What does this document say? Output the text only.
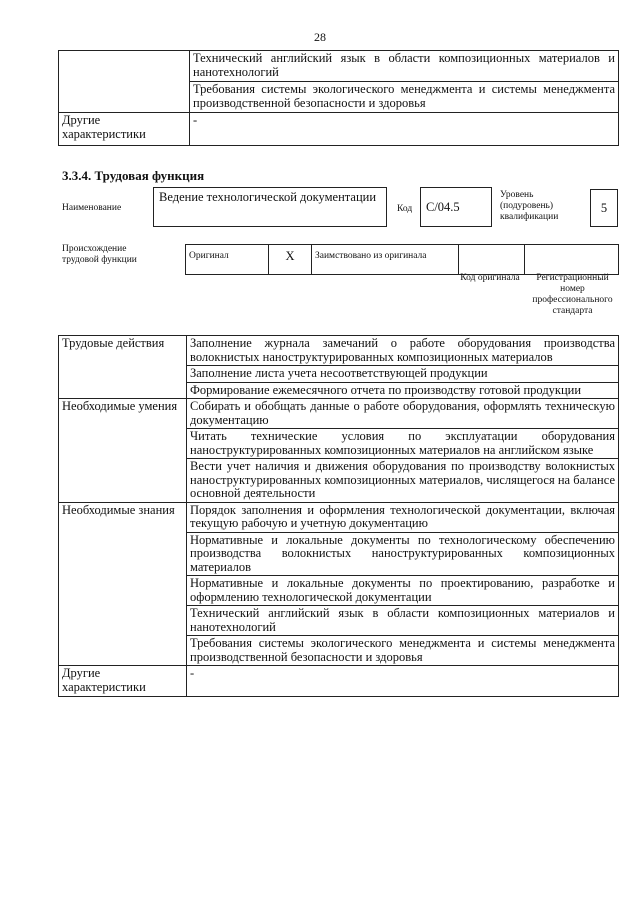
28
	Технический английский язык в области композиционных материалов и нанотехнологий
	Требования системы экологического менеджмента и системы менеджмента производственной безопасности и здоровья
Другие характеристики	-
3.3.4. Трудовая функция
Наименование
Ведение технологической документации
Код	С/04.5
Уровень (подуровень) квалификации
5
Происхождение трудовой функции	Оригинал	X	Заимствовано из оригинала		
Код оригинала	Регистрационный номер профессионального стандарта
Трудовые действия	Заполнение журнала замечаний о работе оборудования производства волокнистых наноструктурированных композиционных материалов
	Заполнение листа учета несоответствующей продукции
	Формирование ежемесячного отчета по производству готовой продукции
Необходимые умения	Собирать и обобщать данные о работе оборудования, оформлять техническую документацию
	Читать технические условия по эксплуатации оборудования наноструктурированных композиционных материалов на английском языке
	Вести учет наличия и движения оборудования по производству волокнистых наноструктурированных композиционных материалов, числящегося на балансе основной деятельности
Необходимые знания	Порядок заполнения и оформления технологической документации, включая текущую рабочую и учетную документацию
	Нормативные и локальные документы по технологическому обеспечению производства волокнистых наноструктурированных композиционных материалов
	Нормативные и локальные документы по проектированию, разработке и оформлению технологической документации
	Технический английский язык в области композиционных материалов и нанотехнологий
	Требования системы экологического менеджмента и системы менеджмента производственной безопасности и здоровья
Другие характеристики	-
